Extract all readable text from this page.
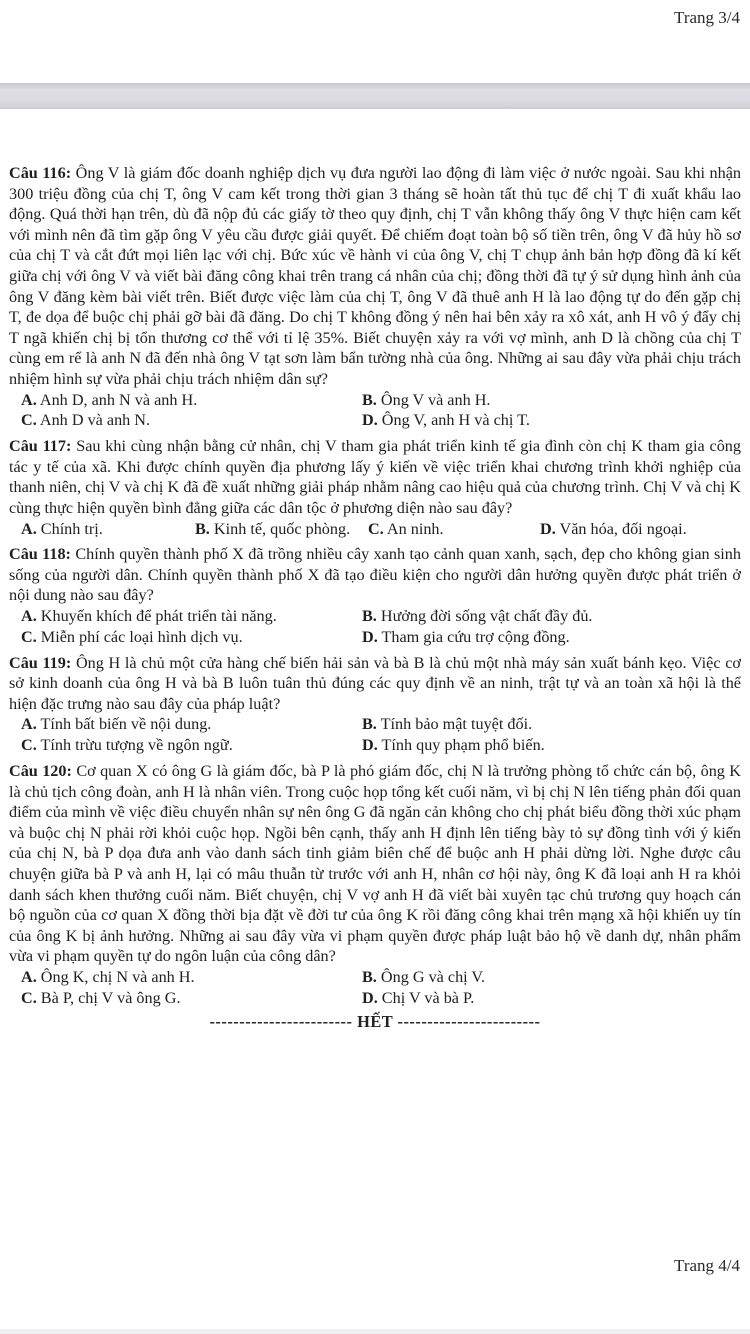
Trang 3/4

Câu 116: Ông V là giám đốc doanh nghiệp dịch vụ đưa người lao động đi làm việc ở nước ngoài. Sau khi nhận 300 triệu đồng của chị T, ông V cam kết trong thời gian 3 tháng sẽ hoàn tất thủ tục để chị T đi xuất khẩu lao động. Quá thời hạn trên, dù đã nộp đủ các giấy tờ theo quy định, chị T vẫn không thấy ông V thực hiện cam kết với mình nên đã tìm gặp ông V yêu cầu được giải quyết. Để chiếm đoạt toàn bộ số tiền trên, ông V đã hủy hồ sơ của chị T và cắt đứt mọi liên lạc với chị. Bức xúc về hành vi của ông V, chị T chụp ảnh bản hợp đồng đã kí kết giữa chị với ông V và viết bài đăng công khai trên trang cá nhân của chị; đồng thời đã tự ý sử dụng hình ảnh của ông V đăng kèm bài viết trên. Biết được việc làm của chị T, ông V đã thuê anh H là lao động tự do đến gặp chị T, đe dọa để buộc chị phải gỡ bài đã đăng. Do chị T không đồng ý nên hai bên xảy ra xô xát, anh H vô ý đẩy chị T ngã khiến chị bị tổn thương cơ thể với tỉ lệ 35%. Biết chuyện xảy ra với vợ mình, anh D là chồng của chị T cùng em rể là anh N đã đến nhà ông V tạt sơn làm bẩn tường nhà của ông. Những ai sau đây vừa phải chịu trách nhiệm hình sự vừa phải chịu trách nhiệm dân sự?

A. Anh D, anh N và anh H.	B. Ông V và anh H.
C. Anh D và anh N.	D. Ông V, anh H và chị T.

Câu 117: Sau khi cùng nhận bằng cử nhân, chị V tham gia phát triển kinh tế gia đình còn chị K tham gia công tác y tế của xã. Khi được chính quyền địa phương lấy ý kiến về việc triển khai chương trình khởi nghiệp của thanh niên, chị V và chị K đã đề xuất những giải pháp nhằm nâng cao hiệu quả của chương trình. Chị V và chị K cùng thực hiện quyền bình đẳng giữa các dân tộc ở phương diện nào sau đây?

A. Chính trị.	B. Kinh tế, quốc phòng.	C. An ninh.	D. Văn hóa, đối ngoại.

Câu 118: Chính quyền thành phố X đã trồng nhiều cây xanh tạo cảnh quan xanh, sạch, đẹp cho không gian sinh sống của người dân. Chính quyền thành phố X đã tạo điều kiện cho người dân hưởng quyền được phát triển ở nội dung nào sau đây?

A. Khuyến khích để phát triển tài năng.	B. Hưởng đời sống vật chất đầy đủ.
C. Miễn phí các loại hình dịch vụ.	D. Tham gia cứu trợ cộng đồng.

Câu 119: Ông H là chủ một cửa hàng chế biến hải sản và bà B là chủ một nhà máy sản xuất bánh kẹo. Việc cơ sở kinh doanh của ông H và bà B luôn tuân thủ đúng các quy định về an ninh, trật tự và an toàn xã hội là thể hiện đặc trưng nào sau đây của pháp luật?

A. Tính bất biến về nội dung.	B. Tính bảo mật tuyệt đối.
C. Tính trừu tượng về ngôn ngữ.	D. Tính quy phạm phổ biến.

Câu 120: Cơ quan X có ông G là giám đốc, bà P là phó giám đốc, chị N là trưởng phòng tổ chức cán bộ, ông K là chủ tịch công đoàn, anh H là nhân viên. Trong cuộc họp tổng kết cuối năm, vì bị chị N lên tiếng phản đối quan điểm của mình về việc điều chuyển nhân sự nên ông G đã ngăn cản không cho chị phát biểu đồng thời xúc phạm và buộc chị N phải rời khỏi cuộc họp. Ngồi bên cạnh, thấy anh H định lên tiếng bày tỏ sự đồng tình với ý kiến của chị N, bà P dọa đưa anh vào danh sách tinh giảm biên chế để buộc anh H phải dừng lời. Nghe được câu chuyện giữa bà P và anh H, lại có mâu thuẫn từ trước với anh H, nhân cơ hội này, ông K đã loại anh H ra khỏi danh sách khen thưởng cuối năm. Biết chuyện, chị V vợ anh H đã viết bài xuyên tạc chủ trương quy hoạch cán bộ nguồn của cơ quan X đồng thời bịa đặt về đời tư của ông K rồi đăng công khai trên mạng xã hội khiến uy tín của ông K bị ảnh hưởng. Những ai sau đây vừa vi phạm quyền được pháp luật bảo hộ về danh dự, nhân phẩm vừa vi phạm quyền tự do ngôn luận của công dân?

A. Ông K, chị N và anh H.	B. Ông G và chị V.
C. Bà P, chị V và ông G.	D. Chị V và bà P.
------------------------ HẾT ------------------------
Trang 4/4
